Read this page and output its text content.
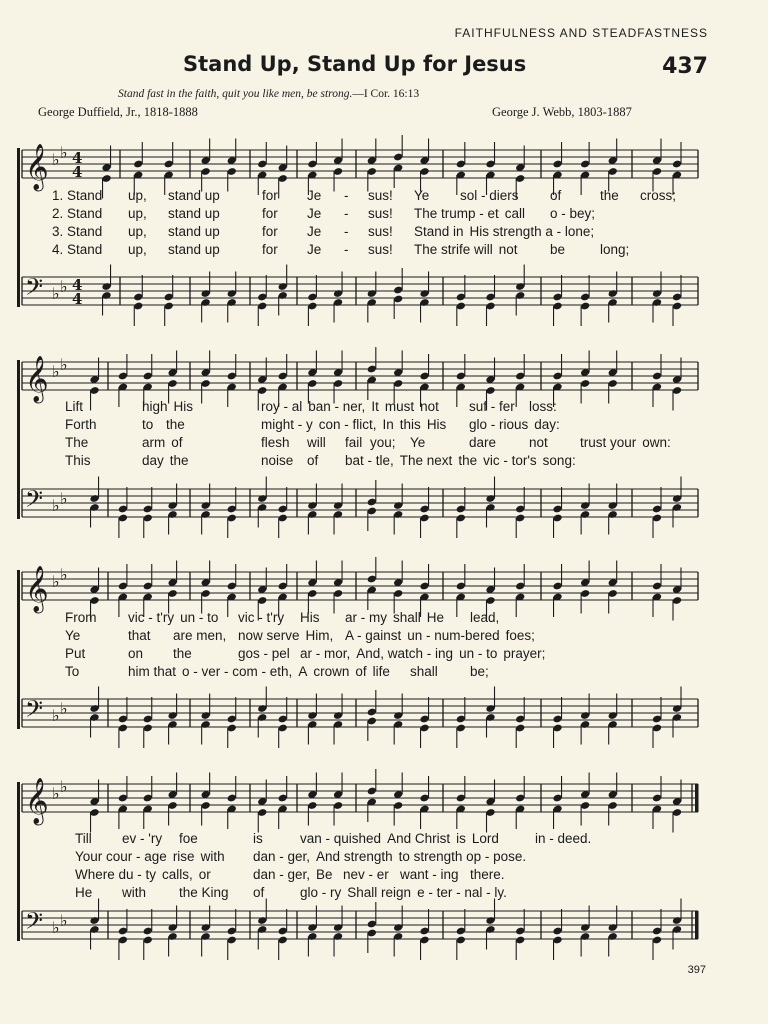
FAITHFULNESS AND STEADFASTNESS
Stand Up, Stand Up for Jesus	437
Stand fast in the faith, quit you like men, be strong.—I Cor. 16:13
George Duffield, Jr., 1818-1888	George J. Webb, 1803-1887
𝄞 ♭ ♭ 4
4
𝄢 ♭ ♭ 4
4
𝄞 ♭ ♭
𝄢 ♭ ♭
𝄞 ♭ ♭
𝄢 ♭ ♭
𝄞 ♭ ♭
𝄢 ♭ ♭
1. Stand up, stand up	for Je - sus! Ye sol - diers of	the cross;
2. Stand up, stand up	for Je - sus! The trump - et call o - bey;
3. Stand up, stand up	for Je - sus! Stand in His strength a - lone;
4. Stand up, stand up	for Je - sus! The strife will not be	long;
Lift	high His	roy - al ban - ner, It must not suf - fer loss:
Forth	to the	might - y con - flict, In this His glo - rious day:
The	arm of	flesh will fail you; Ye	dare not trust your own:
This	day the	noise of bat - tle, The next the vic - tor's song:
From vic - t'ry un - to vic - t'ry His ar - my shall He lead,
Ye	that are men, now serve Him, A - gainst un - num-bered foes;
Put	on the	gos - pel ar - mor, And, watch - ing un - to prayer;
To	him that o - ver - com - eth, A crown of life shall be;
Till ev - 'ry foe	is	van - quished And Christ is Lord	in - deed.
Your cour - age rise with dan - ger, And strength to strength op - pose.
Where du - ty calls, or	dan - ger, Be nev - er want - ing there.
He with the King of	glo - ry Shall reign e - ter - nal - ly.
397
